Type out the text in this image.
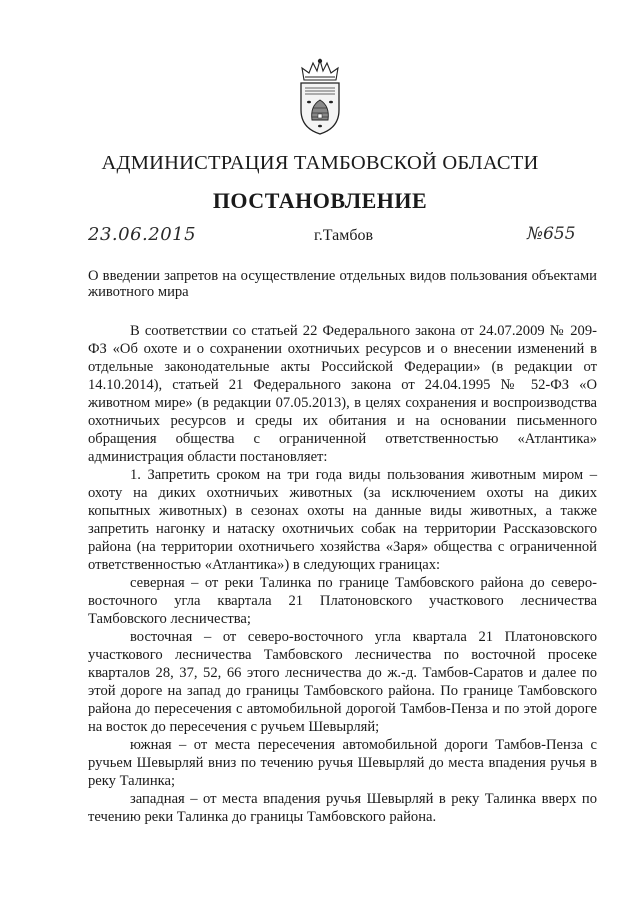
АДМИНИСТРАЦИЯ ТАМБОВСКОЙ ОБЛАСТИ
ПОСТАНОВЛЕНИЕ
23.06.2015	г.Тамбов	№655
О введении запретов на осуществление отдельных видов пользования объектами животного мира

В соответствии со статьей 22 Федерального закона от 24.07.2009 № 209-ФЗ «Об охоте и о сохранении охотничьих ресурсов и о внесении изменений в отдельные законодательные акты Российской Федерации» (в редакции от 14.10.2014), статьей 21 Федерального закона от 24.04.1995 № 52-ФЗ «О животном мире» (в редакции 07.05.2013), в целях сохранения и воспроизводства охотничьих ресурсов и среды их обитания и на основании письменного обращения общества с ограниченной ответственностью «Атлантика» администрация области постановляет:

1. Запретить сроком на три года виды пользования животным миром – охоту на диких охотничьих животных (за исключением охоты на диких копытных животных) в сезонах охоты на данные виды животных, а также запретить нагонку и натаску охотничьих собак на территории Рассказовского района (на территории охотничьего хозяйства «Заря» общества с ограниченной ответственностью «Атлантика») в следующих границах:

северная – от реки Талинка по границе Тамбовского района до северо-восточного угла квартала 21 Платоновского участкового лесничества Тамбовского лесничества;

восточная – от северо-восточного угла квартала 21 Платоновского участкового лесничества Тамбовского лесничества по восточной просеке кварталов 28, 37, 52, 66 этого лесничества до ж.-д. Тамбов-Саратов и далее по этой дороге на запад до границы Тамбовского района. По границе Тамбовского района до пересечения с автомобильной дорогой Тамбов-Пенза и по этой дороге на восток до пересечения с ручьем Шевырляй;

южная – от места пересечения автомобильной дороги Тамбов-Пенза с ручьем Шевырляй вниз по течению ручья Шевырляй до места впадения ручья в реку Талинка;

западная – от места впадения ручья Шевырляй в реку Талинка вверх по течению реки Талинка до границы Тамбовского района.
